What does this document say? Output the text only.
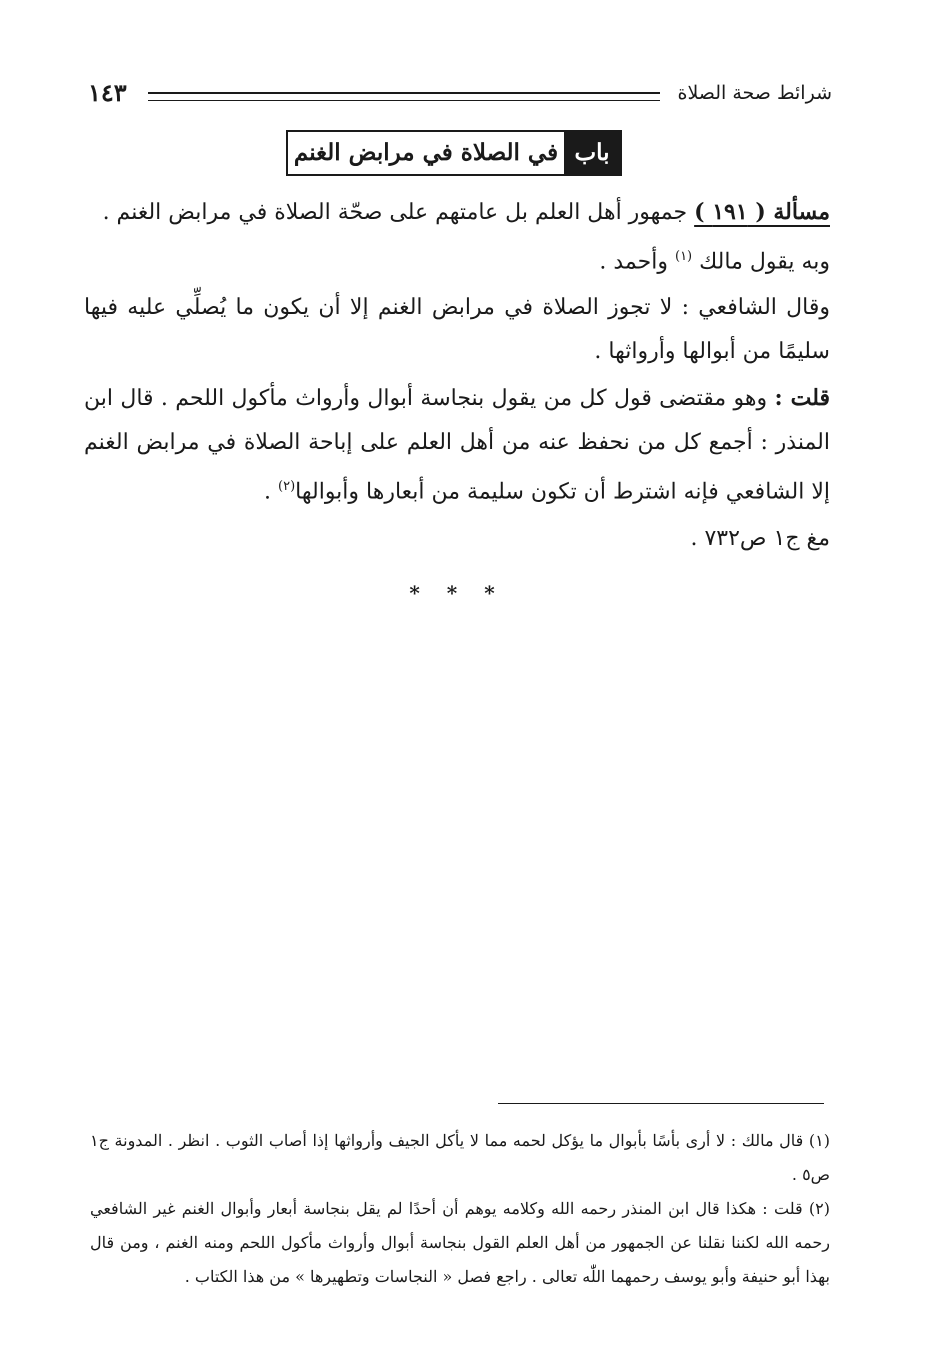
شرائط صحة الصلاة
١٤٣
باب
في الصلاة في مرابض الغنم

مسألة ( ١٩١ ) جمهور أهل العلم بل عامتهم على صحّة الصلاة في مرابض الغنم .
وبه يقول مالك $^{(١)}$ وأحمد .

وقال الشافعي : لا تجوز الصلاة في مرابض الغنم إلا أن يكون ما يُصلِّي عليه فيها سليمًا من أبوالها وأرواثها .

قلت : وهو مقتضى قول كل من يقول بنجاسة أبوال وأرواث مأكول اللحم . قال ابن المنذر : أجمع كل من نحفظ عنه من أهل العلم على إباحة الصلاة في مرابض الغنم إلا الشافعي فإنه اشترط أن تكون سليمة من أبعارها وأبوالها$^{(٢)}$ .

مغ ج١ ص٧٣٢ .

* * *

(١) قال مالك : لا أرى بأسًا بأبوال ما يؤكل لحمه مما لا يأكل الجيف وأرواثها إذا أصاب الثوب . انظر . المدونة ج١ ص٥ .

(٢) قلت : هكذا قال ابن المنذر رحمه الله وكلامه يوهم أن أحدًا لم يقل بنجاسة أبعار وأبوال الغنم غير الشافعي رحمه الله لكننا نقلنا عن الجمهور من أهل العلم القول بنجاسة أبوال وأرواث مأكول اللحم ومنه الغنم ، ومن قال بهذا أبو حنيفة وأبو يوسف رحمهما اللّٰه تعالى . راجع فصل « النجاسات وتطهيرها » من هذا الكتاب .
